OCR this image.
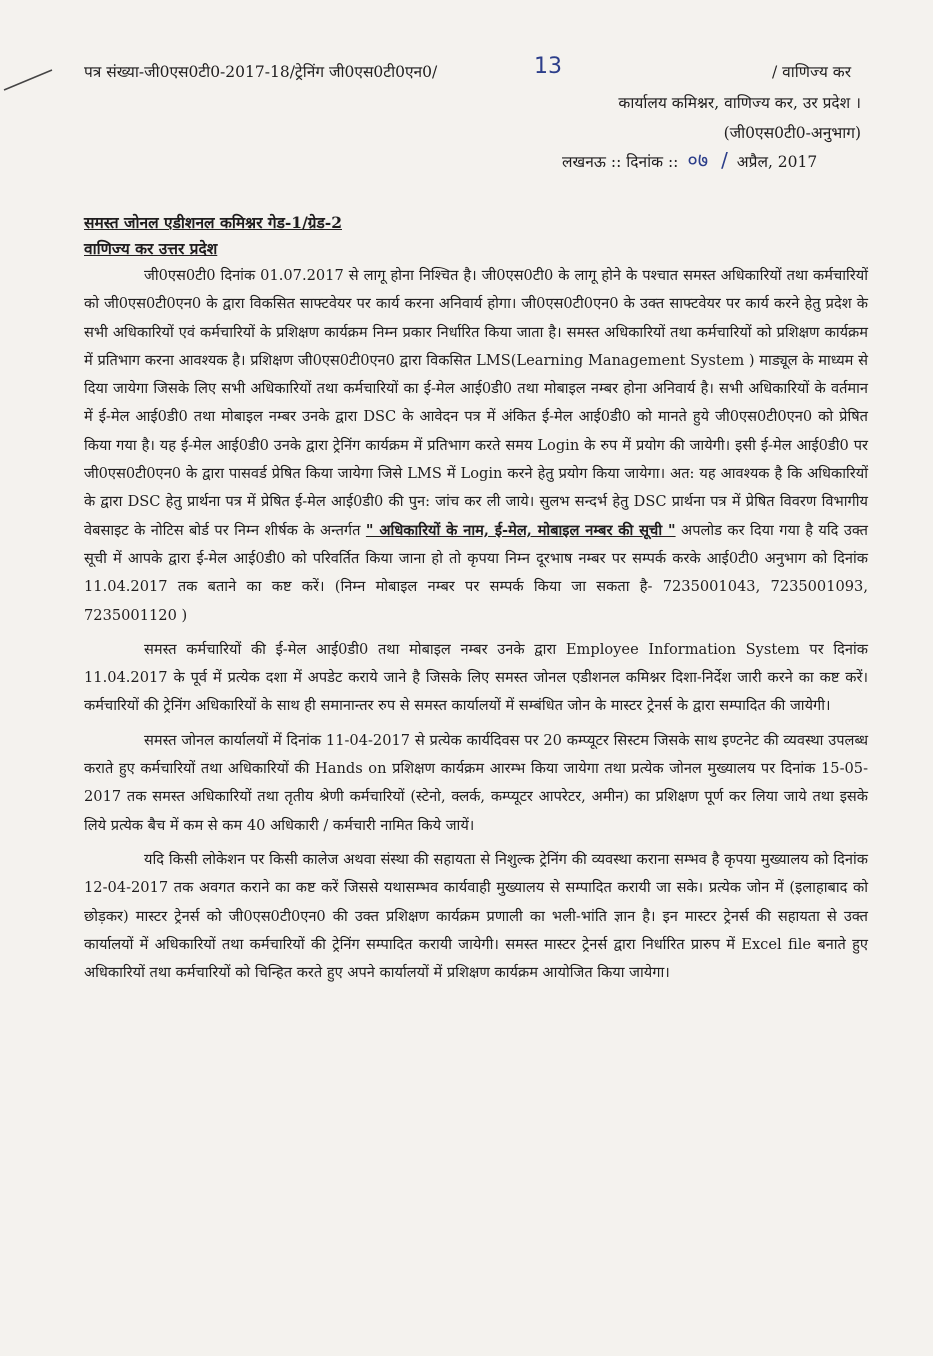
पत्र संख्या-जी0एस0टी0-2017-18/ट्रेनिंग जी0एस0टी0एन0/	13	/ वाणिज्य कर
कार्यालय कमिश्नर, वाणिज्य कर, उर प्रदेश ।
(जी0एस0टी0-अनुभाग)
लखनऊ :: दिनांक :: ०७ / अप्रैल, 2017
समस्त जोनल एडीशनल कमिश्नर गेड-1/ग्रेड-2
वाणिज्य कर उत्तर प्रदेश

जी0एस0टी0 दिनांक 01.07.2017 से लागू होना निश्चित है। जी0एस0टी0 के लागू होने के पश्चात समस्त अधिकारियों तथा कर्मचारियों को जी0एस0टी0एन0 के द्वारा विकसित साफ्टवेयर पर कार्य करना अनिवार्य होगा। जी0एस0टी0एन0 के उक्त साफ्टवेयर पर कार्य करने हेतु प्रदेश के सभी अधिकारियों एवं कर्मचारियों के प्रशिक्षण कार्यक्रम निम्न प्रकार निर्धारित किया जाता है। समस्त अधिकारियों तथा कर्मचारियों को प्रशिक्षण कार्यक्रम में प्रतिभाग करना आवश्यक है। प्रशिक्षण जी0एस0टी0एन0 द्वारा विकसित LMS(Learning Management System ) माड्यूल के माध्यम से दिया जायेगा जिसके लिए सभी अधिकारियों तथा कर्मचारियों का ई-मेल आई0डी0 तथा मोबाइल नम्बर होना अनिवार्य है। सभी अधिकारियों के वर्तमान में ई-मेल आई0डी0 तथा मोबाइल नम्बर उनके द्वारा DSC के आवेदन पत्र में अंकित ई-मेल आई0डी0 को मानते हुये जी0एस0टी0एन0 को प्रेषित किया गया है। यह ई-मेल आई0डी0 उनके द्वारा ट्रेनिंग कार्यक्रम में प्रतिभाग करते समय Login के रुप में प्रयोग की जायेगी। इसी ई-मेल आई0डी0 पर जी0एस0टी0एन0 के द्वारा पासवर्ड प्रेषित किया जायेगा जिसे LMS में Login करने हेतु प्रयोग किया जायेगा। अत: यह आवश्यक है कि अधिकारियों के द्वारा DSC हेतु प्रार्थना पत्र में प्रेषित ई-मेल आई0डी0 की पुन: जांच कर ली जाये। सुलभ सन्दर्भ हेतु DSC प्रार्थना पत्र में प्रेषित विवरण विभागीय वेबसाइट के नोटिस बोर्ड पर निम्न शीर्षक के अन्तर्गत " अधिकारियों के नाम, ई-मेल, मोबाइल नम्बर की सूची " अपलोड कर दिया गया है यदि उक्त सूची में आपके द्वारा ई-मेल आई0डी0 को परिवर्तित किया जाना हो तो कृपया निम्न दूरभाष नम्बर पर सम्पर्क करके आई0टी0 अनुभाग को दिनांक 11.04.2017 तक बताने का कष्ट करें। (निम्न मोबाइल नम्बर पर सम्पर्क किया जा सकता है- 7235001043, 7235001093, 7235001120 )

समस्त कर्मचारियों की ई-मेल आई0डी0 तथा मोबाइल नम्बर उनके द्वारा Employee Information System पर दिनांक 11.04.2017 के पूर्व में प्रत्येक दशा में अपडेट कराये जाने है जिसके लिए समस्त जोनल एडीशनल कमिश्नर दिशा-निर्देश जारी करने का कष्ट करें। कर्मचारियों की ट्रेनिंग अधिकारियों के साथ ही समानान्तर रुप से समस्त कार्यालयों में सम्बंधित जोन के मास्टर ट्रेनर्स के द्वारा सम्पादित की जायेगी।

समस्त जोनल कार्यालयों में दिनांक 11-04-2017 से प्रत्येक कार्यदिवस पर 20 कम्प्यूटर सिस्टम जिसके साथ इण्टनेट की व्यवस्था उपलब्ध कराते हुए कर्मचारियों तथा अधिकारियों की Hands on प्रशिक्षण कार्यक्रम आरम्भ किया जायेगा तथा प्रत्येक जोनल मुख्यालय पर दिनांक 15-05-2017 तक समस्त अधिकारियों तथा तृतीय श्रेणी कर्मचारियों (स्टेनो, क्लर्क, कम्प्यूटर आपरेटर, अमीन) का प्रशिक्षण पूर्ण कर लिया जाये तथा इसके लिये प्रत्येक बैच में कम से कम 40 अधिकारी / कर्मचारी नामित किये जायें।

यदि किसी लोकेशन पर किसी कालेज अथवा संस्था की सहायता से निशुल्क ट्रेनिंग की व्यवस्था कराना सम्भव है कृपया मुख्यालय को दिनांक 12-04-2017 तक अवगत कराने का कष्ट करें जिससे यथासम्भव कार्यवाही मुख्यालय से सम्पादित करायी जा सके। प्रत्येक जोन में (इलाहाबाद को छोड़कर) मास्टर ट्रेनर्स को जी0एस0टी0एन0 की उक्त प्रशिक्षण कार्यक्रम प्रणाली का भली-भांति ज्ञान है। इन मास्टर ट्रेनर्स की सहायता से उक्त कार्यालयों में अधिकारियों तथा कर्मचारियों की ट्रेनिंग सम्पादित करायी जायेगी। समस्त मास्टर ट्रेनर्स द्वारा निर्धारित प्रारुप में Excel file बनाते हुए अधिकारियों तथा कर्मचारियों को चिन्हित करते हुए अपने कार्यालयों में प्रशिक्षण कार्यक्रम आयोजित किया जायेगा।
